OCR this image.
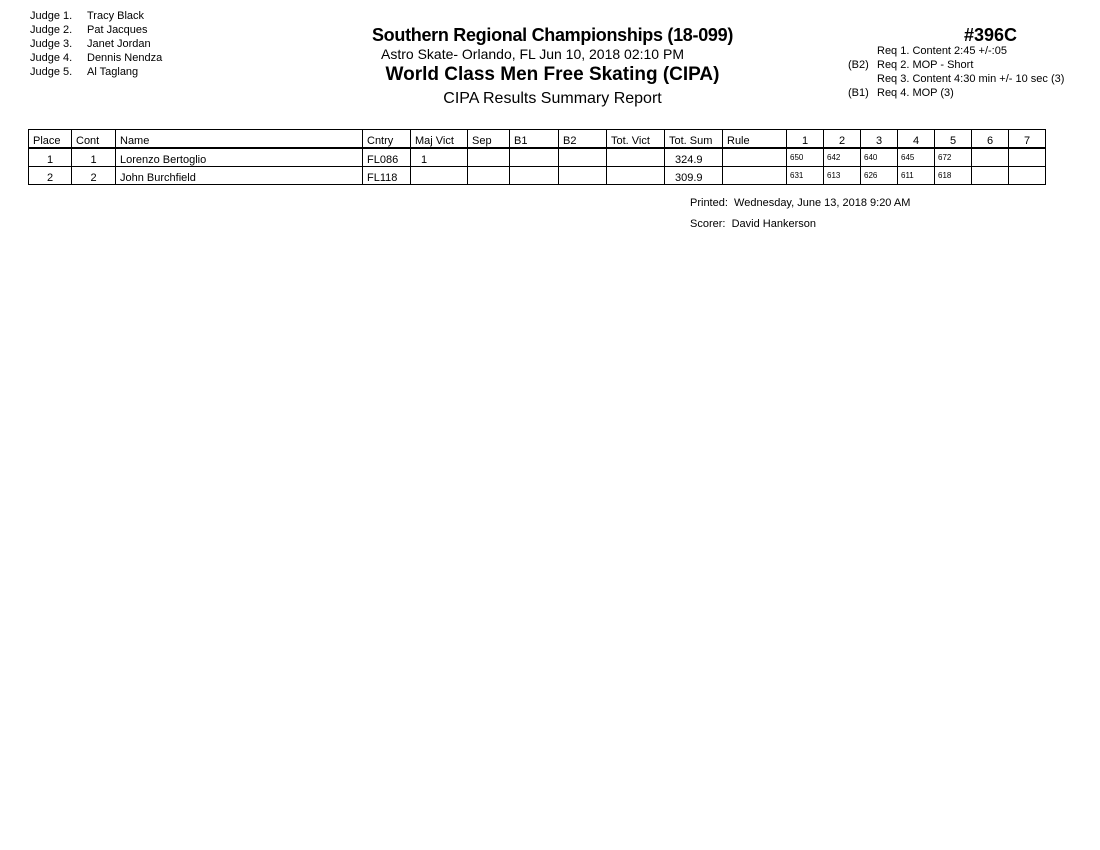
Judge 1. Tracy Black
Judge 2. Pat Jacques
Judge 3. Janet Jordan
Judge 4. Dennis Nendza
Judge 5. Al Taglang
Southern Regional Championships (18-099)
Astro Skate- Orlando, FL Jun 10, 2018 02:10 PM
World Class Men Free Skating (CIPA)
CIPA Results Summary Report
#396C
Req 1. Content 2:45 +/-:05
(B2) Req 2. MOP - Short
Req 3. Content 4:30 min +/- 10 sec (3)
(B1) Req 4. MOP (3)
Place	Cont	Name	Cntry	Maj Vict	Sep	B1	B2	Tot. Vict	Tot. Sum	Rule	1	2	3	4	5	6	7
1	1	Lorenzo Bertoglio	FL086	1					324.9		650	642	640	645	672		
2	2	John Burchfield	FL118						309.9		631	613	626	611	618		
Printed: Wednesday, June 13, 2018 9:20 AM
Scorer: David Hankerson
